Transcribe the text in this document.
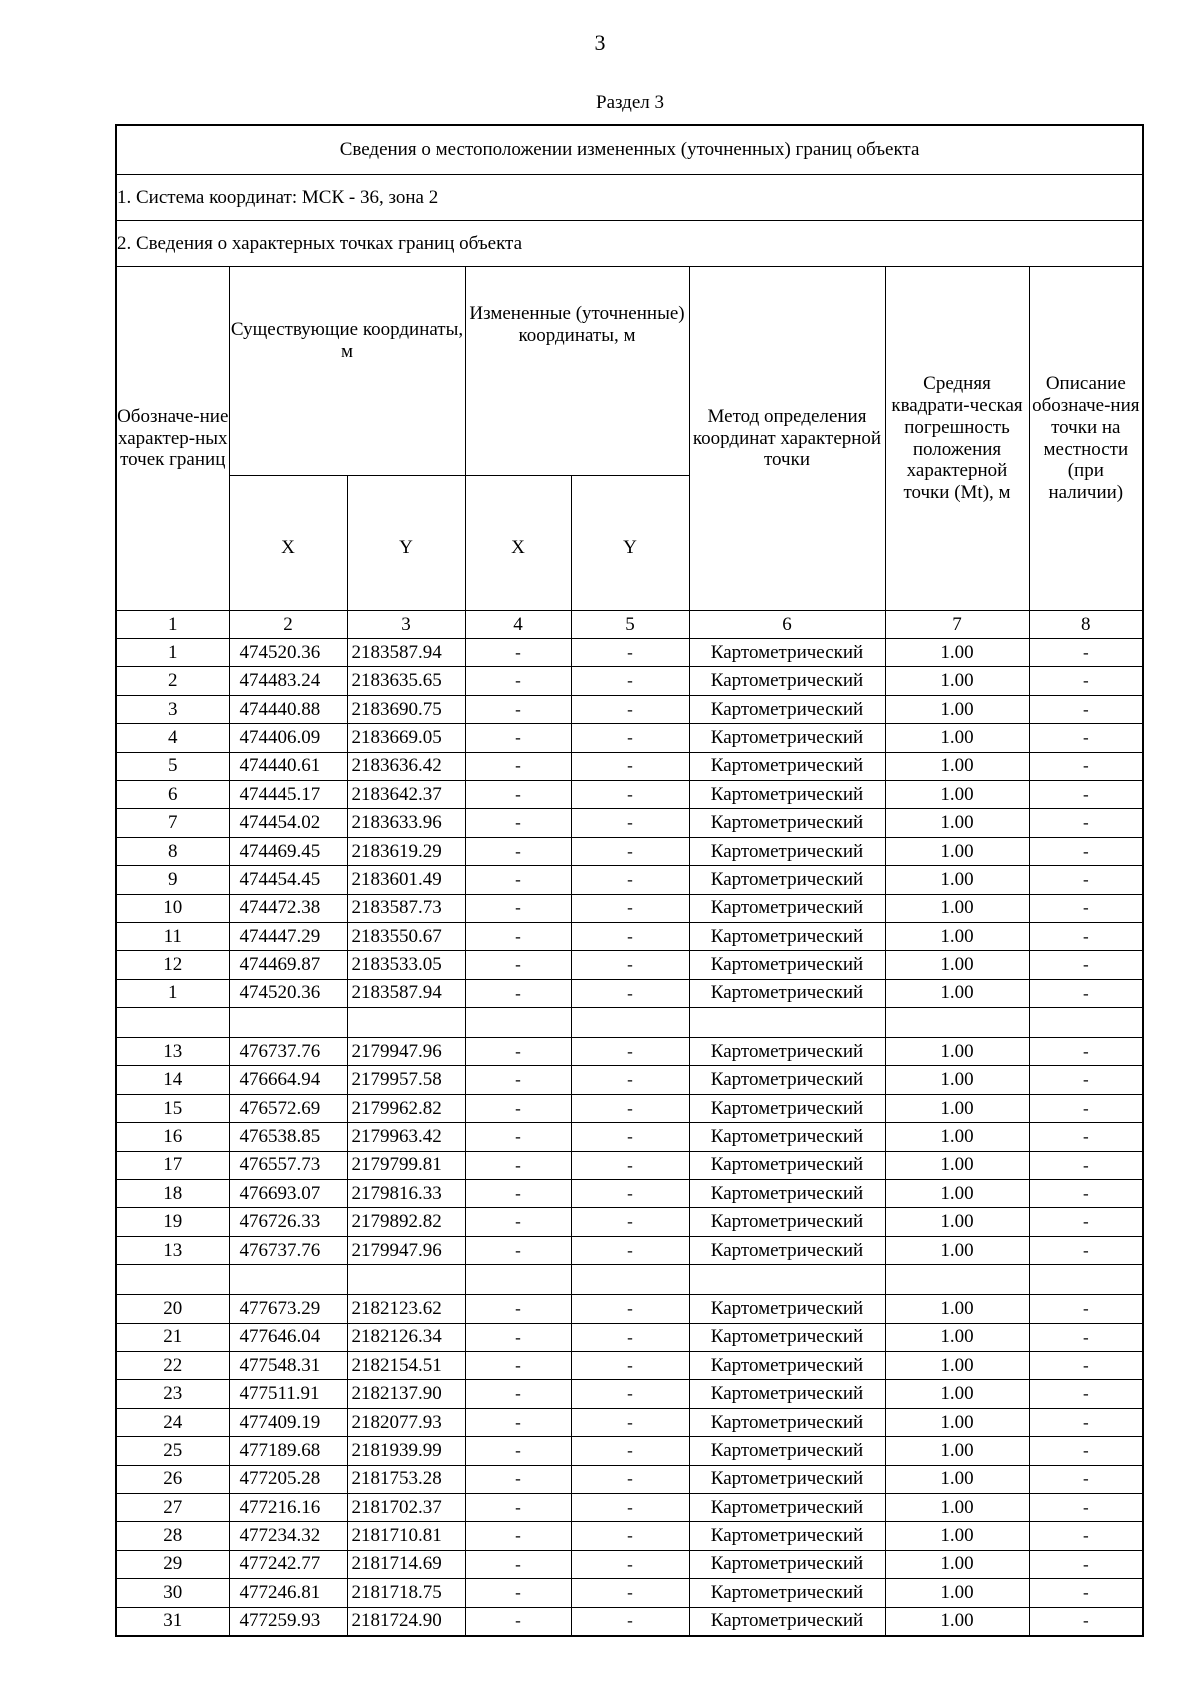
3
Раздел 3
Сведения о местоположении измененных (уточненных) границ объекта							
1. Система координат: МСК - 36, зона 2							
2. Сведения о характерных точках границ объекта							
Обозначе-ние характер-ных точек границ	Существующие координаты, м		Измененные (уточненные) координаты, м		Метод определения координат характерной точки	Средняя квадрати-ческая погрешность положения характерной точки (Mt), м	Описание обозначе-ния точки на местности (при наличии)
	X	Y	X	Y			
1	2	3	4	5	6	7	8
1	474520.36	2183587.94	-	-	Картометрический	1.00	-
2	474483.24	2183635.65	-	-	Картометрический	1.00	-
3	474440.88	2183690.75	-	-	Картометрический	1.00	-
4	474406.09	2183669.05	-	-	Картометрический	1.00	-
5	474440.61	2183636.42	-	-	Картометрический	1.00	-
6	474445.17	2183642.37	-	-	Картометрический	1.00	-
7	474454.02	2183633.96	-	-	Картометрический	1.00	-
8	474469.45	2183619.29	-	-	Картометрический	1.00	-
9	474454.45	2183601.49	-	-	Картометрический	1.00	-
10	474472.38	2183587.73	-	-	Картометрический	1.00	-
11	474447.29	2183550.67	-	-	Картометрический	1.00	-
12	474469.87	2183533.05	-	-	Картометрический	1.00	-
1	474520.36	2183587.94	-	-	Картометрический	1.00	-

13	476737.76	2179947.96	-	-	Картометрический	1.00	-
14	476664.94	2179957.58	-	-	Картометрический	1.00	-
15	476572.69	2179962.82	-	-	Картометрический	1.00	-
16	476538.85	2179963.42	-	-	Картометрический	1.00	-
17	476557.73	2179799.81	-	-	Картометрический	1.00	-
18	476693.07	2179816.33	-	-	Картометрический	1.00	-
19	476726.33	2179892.82	-	-	Картометрический	1.00	-
13	476737.76	2179947.96	-	-	Картометрический	1.00	-

20	477673.29	2182123.62	-	-	Картометрический	1.00	-
21	477646.04	2182126.34	-	-	Картометрический	1.00	-
22	477548.31	2182154.51	-	-	Картометрический	1.00	-
23	477511.91	2182137.90	-	-	Картометрический	1.00	-
24	477409.19	2182077.93	-	-	Картометрический	1.00	-
25	477189.68	2181939.99	-	-	Картометрический	1.00	-
26	477205.28	2181753.28	-	-	Картометрический	1.00	-
27	477216.16	2181702.37	-	-	Картометрический	1.00	-
28	477234.32	2181710.81	-	-	Картометрический	1.00	-
29	477242.77	2181714.69	-	-	Картометрический	1.00	-
30	477246.81	2181718.75	-	-	Картометрический	1.00	-
31	477259.93	2181724.90	-	-	Картометрический	1.00	-
